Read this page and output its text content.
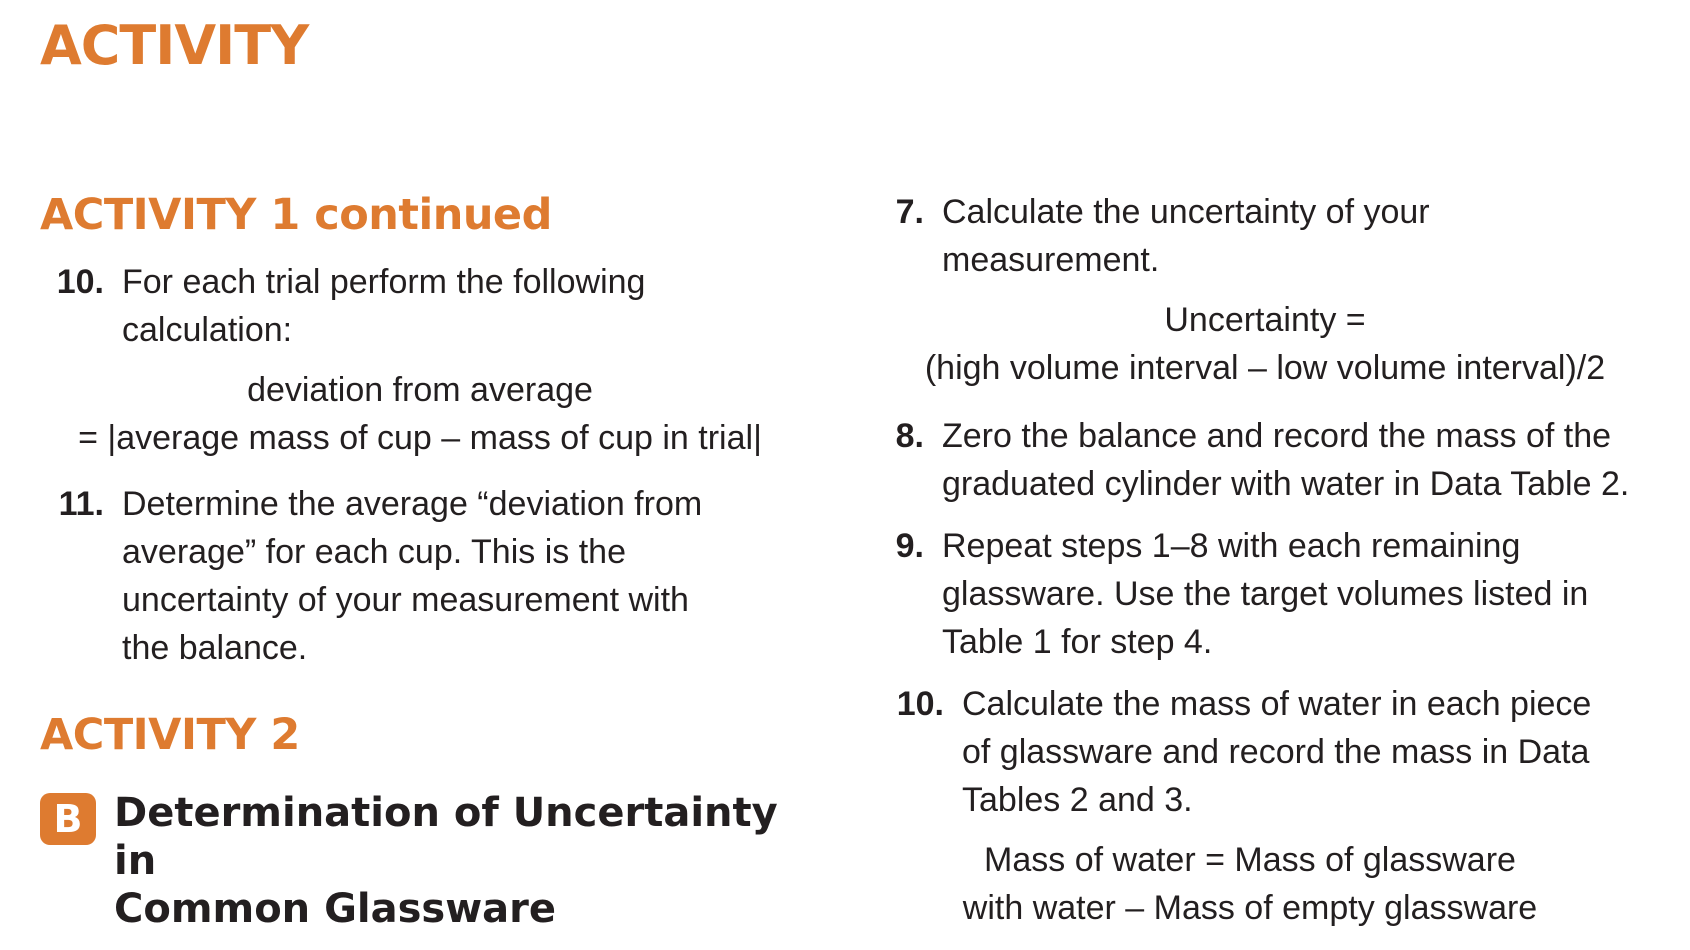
ACTIVITY
ACTIVITY 1 continued
10. For each trial perform the following
calculation:
deviation from average
= |average mass of cup – mass of cup in trial|
11. Determine the average “deviation from
average” for each cup. This is the
uncertainty of your measurement with
the balance.
ACTIVITY 2
B Determination of Uncertainty in
Common Glassware
7. Calculate the uncertainty of your
measurement.
Uncertainty =
(high volume interval – low volume interval)/2
8. Zero the balance and record the mass of the
graduated cylinder with water in Data Table 2.
9. Repeat steps 1–8 with each remaining
glassware. Use the target volumes listed in
Table 1 for step 4.
10. Calculate the mass of water in each piece
of glassware and record the mass in Data
Tables 2 and 3.
Mass of water = Mass of glassware
with water – Mass of empty glassware
